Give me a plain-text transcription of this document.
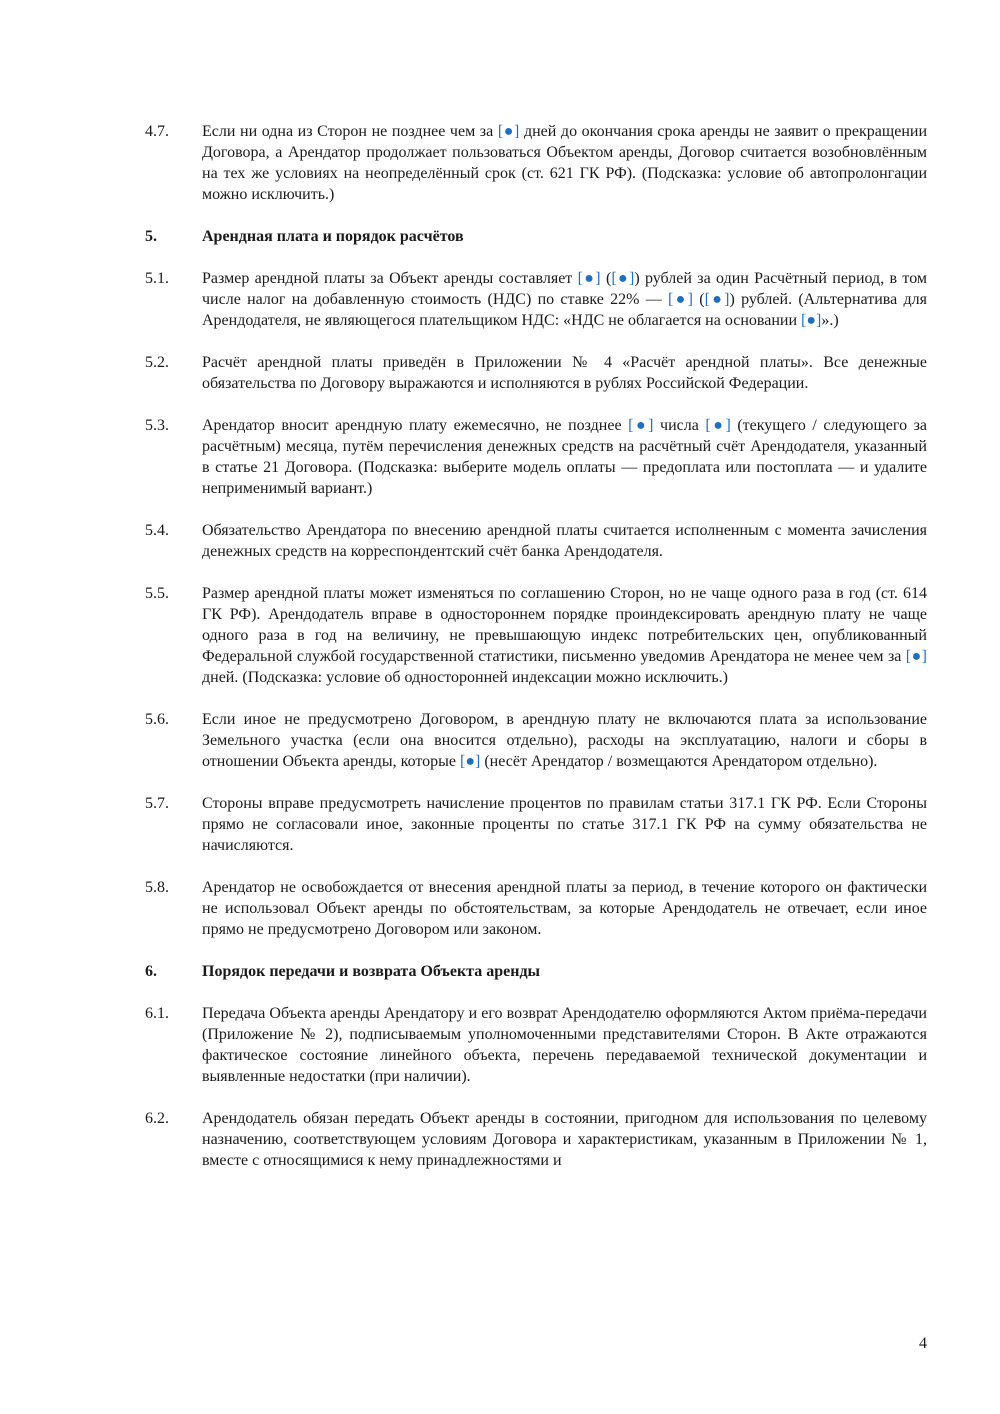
4.7.	Если ни одна из Сторон не позднее чем за [●] дней до окончания срока аренды не заявит о прекращении Договора, а Арендатор продолжает пользоваться Объектом аренды, Договор считается возобновлённым на тех же условиях на неопределённый срок (ст. 621 ГК РФ). (Подсказка: условие об автопролонгации можно исключить.)
5.	Арендная плата и порядок расчётов
5.1.	Размер арендной платы за Объект аренды составляет [●] ([●]) рублей за один Расчётный период, в том числе налог на добавленную стоимость (НДС) по ставке 22% — [●] ([●]) рублей. (Альтернатива для Арендодателя, не являющегося плательщиком НДС: «НДС не облагается на основании [●]».)
5.2.	Расчёт арендной платы приведён в Приложении № 4 «Расчёт арендной платы». Все денежные обязательства по Договору выражаются и исполняются в рублях Российской Федерации.
5.3.	Арендатор вносит арендную плату ежемесячно, не позднее [●] числа [●] (текущего / следующего за расчётным) месяца, путём перечисления денежных средств на расчётный счёт Арендодателя, указанный в статье 21 Договора. (Подсказка: выберите модель оплаты — предоплата или постоплата — и удалите неприменимый вариант.)
5.4.	Обязательство Арендатора по внесению арендной платы считается исполненным с момента зачисления денежных средств на корреспондентский счёт банка Арендодателя.
5.5.	Размер арендной платы может изменяться по соглашению Сторон, но не чаще одного раза в год (ст. 614 ГК РФ). Арендодатель вправе в одностороннем порядке проиндексировать арендную плату не чаще одного раза в год на величину, не превышающую индекс потребительских цен, опубликованный Федеральной службой государственной статистики, письменно уведомив Арендатора не менее чем за [●] дней. (Подсказка: условие об односторонней индексации можно исключить.)
5.6.	Если иное не предусмотрено Договором, в арендную плату не включаются плата за использование Земельного участка (если она вносится отдельно), расходы на эксплуатацию, налоги и сборы в отношении Объекта аренды, которые [●] (несёт Арендатор / возмещаются Арендатором отдельно).
5.7.	Стороны вправе предусмотреть начисление процентов по правилам статьи 317.1 ГК РФ. Если Стороны прямо не согласовали иное, законные проценты по статье 317.1 ГК РФ на сумму обязательства не начисляются.
5.8.	Арендатор не освобождается от внесения арендной платы за период, в течение которого он фактически не использовал Объект аренды по обстоятельствам, за которые Арендодатель не отвечает, если иное прямо не предусмотрено Договором или законом.
6.	Порядок передачи и возврата Объекта аренды
6.1.	Передача Объекта аренды Арендатору и его возврат Арендодателю оформляются Актом приёма-передачи (Приложение № 2), подписываемым уполномоченными представителями Сторон. В Акте отражаются фактическое состояние линейного объекта, перечень передаваемой технической документации и выявленные недостатки (при наличии).
6.2.	Арендодатель обязан передать Объект аренды в состоянии, пригодном для использования по целевому назначению, соответствующем условиям Договора и характеристикам, указанным в Приложении № 1, вместе с относящимися к нему принадлежностями и
4
